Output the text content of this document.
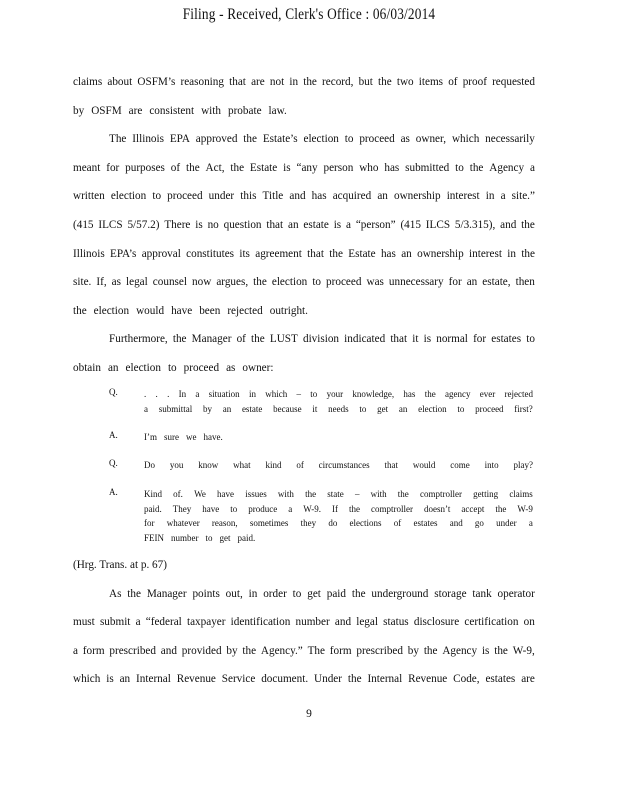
Filing - Received, Clerk's Office : 06/03/2014
claims about OSFM’s reasoning that are not in the record, but the two items of proof requested
by OSFM are consistent with probate law.
The Illinois EPA approved the Estate’s election to proceed as owner, which necessarily
meant for purposes of the Act, the Estate is “any person who has submitted to the Agency a
written election to proceed under this Title and has acquired an ownership interest in a site.”
(415 ILCS 5/57.2) There is no question that an estate is a “person” (415 ILCS 5/3.315), and the
Illinois EPA’s approval constitutes its agreement that the Estate has an ownership interest in the
site. If, as legal counsel now argues, the election to proceed was unnecessary for an estate, then
the election would have been rejected outright.
Furthermore, the Manager of the LUST division indicated that it is normal for estates to
obtain an election to proceed as owner:
Q.	. . . In a situation in which – to your knowledge, has the agency ever rejected
a submittal by an estate because it needs to get an election to proceed first?
A.	I’m sure we have.
Q.	Do you know what kind of circumstances that would come into play?
A.	Kind of. We have issues with the state – with the comptroller getting claims
paid. They have to produce a W-9. If the comptroller doesn’t accept the W-9
for whatever reason, sometimes they do elections of estates and go under a
FEIN number to get paid.
(Hrg. Trans. at p. 67)
As the Manager points out, in order to get paid the underground storage tank operator
must submit a “federal taxpayer identification number and legal status disclosure certification on
a form prescribed and provided by the Agency.” The form prescribed by the Agency is the W-9,
which is an Internal Revenue Service document. Under the Internal Revenue Code, estates are
9
